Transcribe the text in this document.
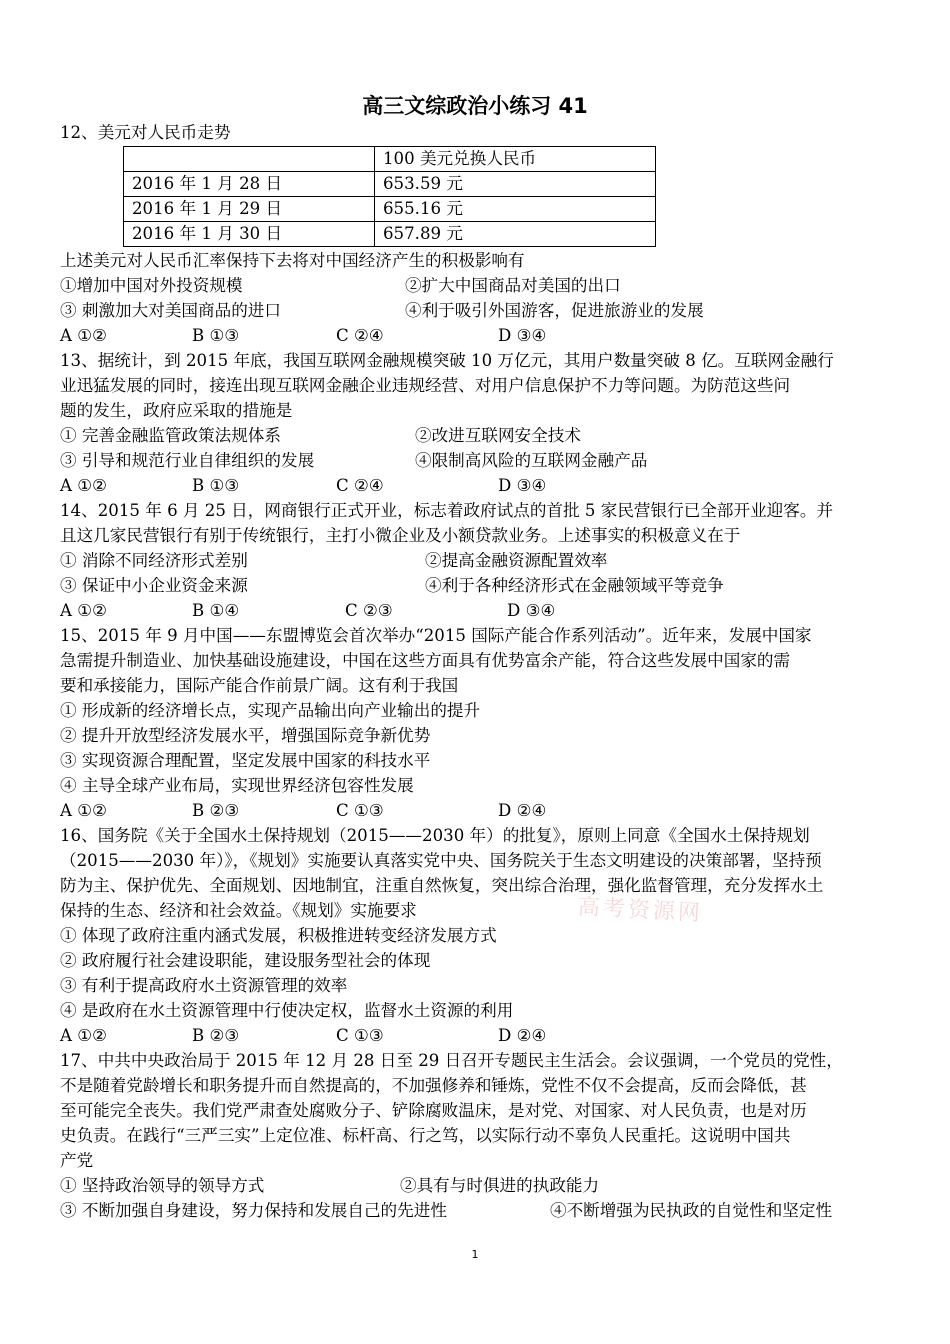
高三文综政治小练习 41
12、美元对人民币走势
	100 美元兑换人民币
2016 年 1 月 28 日	653.59 元
2016 年 1 月 29 日	655.16 元
2016 年 1 月 30 日	657.89 元
上述美元对人民币汇率保持下去将对中国经济产生的积极影响有
①增加中国对外投资规模	②扩大中国商品对美国的出口
③ 刺激加大对美国商品的进口	④利于吸引外国游客，促进旅游业的发展
A ①②	B ①③	C ②④	D ③④
13、据统计，到 2015 年底，我国互联网金融规模突破 10 万亿元，其用户数量突破 8 亿。互联网金融行
业迅猛发展的同时，接连出现互联网金融企业违规经营、对用户信息保护不力等问题。为防范这些问
题的发生，政府应采取的措施是
① 完善金融监管政策法规体系	②改进互联网安全技术
③ 引导和规范行业自律组织的发展	④限制高风险的互联网金融产品
A ①②	B ①③	C ②④	D ③④
14、2015 年 6 月 25 日，网商银行正式开业，标志着政府试点的首批 5 家民营银行已全部开业迎客。并
且这几家民营银行有别于传统银行，主打小微企业及小额贷款业务。上述事实的积极意义在于
① 消除不同经济形式差别	②提高金融资源配置效率
③ 保证中小企业资金来源	④利于各种经济形式在金融领域平等竞争
A ①②	B ①④	C ②③	D ③④
15、2015 年 9 月中国——东盟博览会首次举办“2015 国际产能合作系列活动”。近年来，发展中国家
急需提升制造业、加快基础设施建设，中国在这些方面具有优势富余产能，符合这些发展中国家的需
要和承接能力，国际产能合作前景广阔。这有利于我国
① 形成新的经济增长点，实现产品输出向产业输出的提升
② 提升开放型经济发展水平，增强国际竞争新优势
③ 实现资源合理配置，坚定发展中国家的科技水平
④ 主导全球产业布局，实现世界经济包容性发展
A ①②	B ②③	C ①③	D ②④
16、国务院《关于全国水土保持规划（2015——2030 年）的批复》，原则上同意《全国水土保持规划
（2015——2030 年）》，《规划》实施要认真落实党中央、国务院关于生态文明建设的决策部署，坚持预
防为主、保护优先、全面规划、因地制宜，注重自然恢复，突出综合治理，强化监督管理，充分发挥水土
保持的生态、经济和社会效益。《规划》实施要求
① 体现了政府注重内涵式发展，积极推进转变经济发展方式
② 政府履行社会建设职能，建设服务型社会的体现
③ 有利于提高政府水土资源管理的效率
④ 是政府在水土资源管理中行使决定权，监督水土资源的利用
A ①②	B ②③	C ①③	D ②④
17、中共中央政治局于 2015 年 12 月 28 日至 29 日召开专题民主生活会。会议强调，一个党员的党性，
不是随着党龄增长和职务提升而自然提高的，不加强修养和锤炼，党性不仅不会提高，反而会降低，甚
至可能完全丧失。我们党严肃查处腐败分子、铲除腐败温床，是对党、对国家、对人民负责，也是对历
史负责。在践行“三严三实”上定位准、标杆高、行之笃，以实际行动不辜负人民重托。这说明中国共
产党
① 坚持政治领导的领导方式	②具有与时俱进的执政能力
③ 不断加强自身建设，努力保持和发展自己的先进性	④不断增强为民执政的自觉性和坚定性
高考资源网
1
